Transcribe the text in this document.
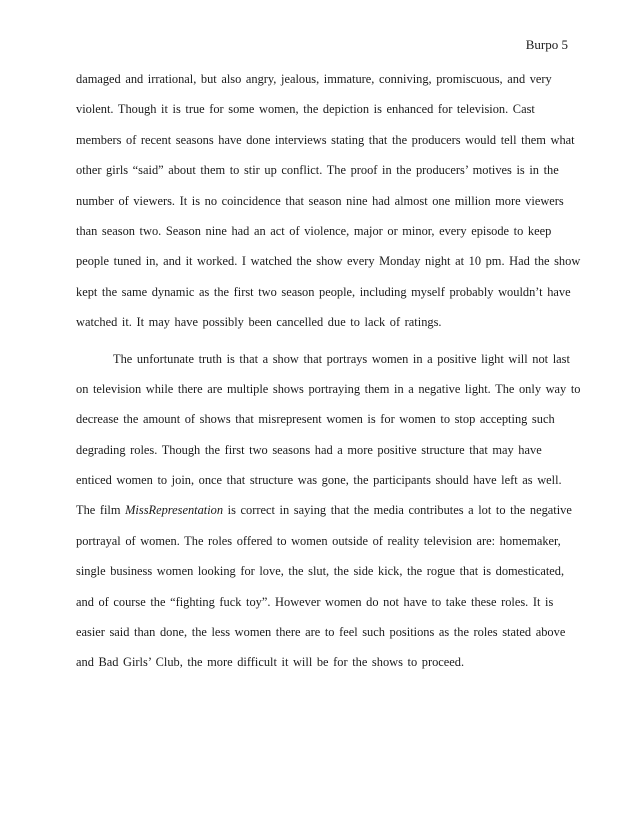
Burpo 5
damaged and irrational, but also angry, jealous, immature, conniving, promiscuous, and very
violent. Though it is true for some women, the depiction is enhanced for television. Cast
members of recent seasons have done interviews stating that the producers would tell them what
other girls “said” about them to stir up conflict. The proof in the producers’ motives is in the
number of viewers. It is no coincidence that season nine had almost one million more viewers
than season two. Season nine had an act of violence, major or minor, every episode to keep
people tuned in, and it worked. I watched the show every Monday night at 10 pm. Had the show
kept the same dynamic as the first two season people, including myself probably wouldn’t have
watched it. It may have possibly been cancelled due to lack of ratings.
The unfortunate truth is that a show that portrays women in a positive light will not last
on television while there are multiple shows portraying them in a negative light. The only way to
decrease the amount of shows that misrepresent women is for women to stop accepting such
degrading roles. Though the first two seasons had a more positive structure that may have
enticed women to join, once that structure was gone, the participants should have left as well.
The film MissRepresentation is correct in saying that the media contributes a lot to the negative
portrayal of women. The roles offered to women outside of reality television are: homemaker,
single business women looking for love, the slut, the side kick, the rogue that is domesticated,
and of course the “fighting fuck toy”. However women do not have to take these roles. It is
easier said than done, the less women there are to feel such positions as the roles stated above
and Bad Girls’ Club, the more difficult it will be for the shows to proceed.
